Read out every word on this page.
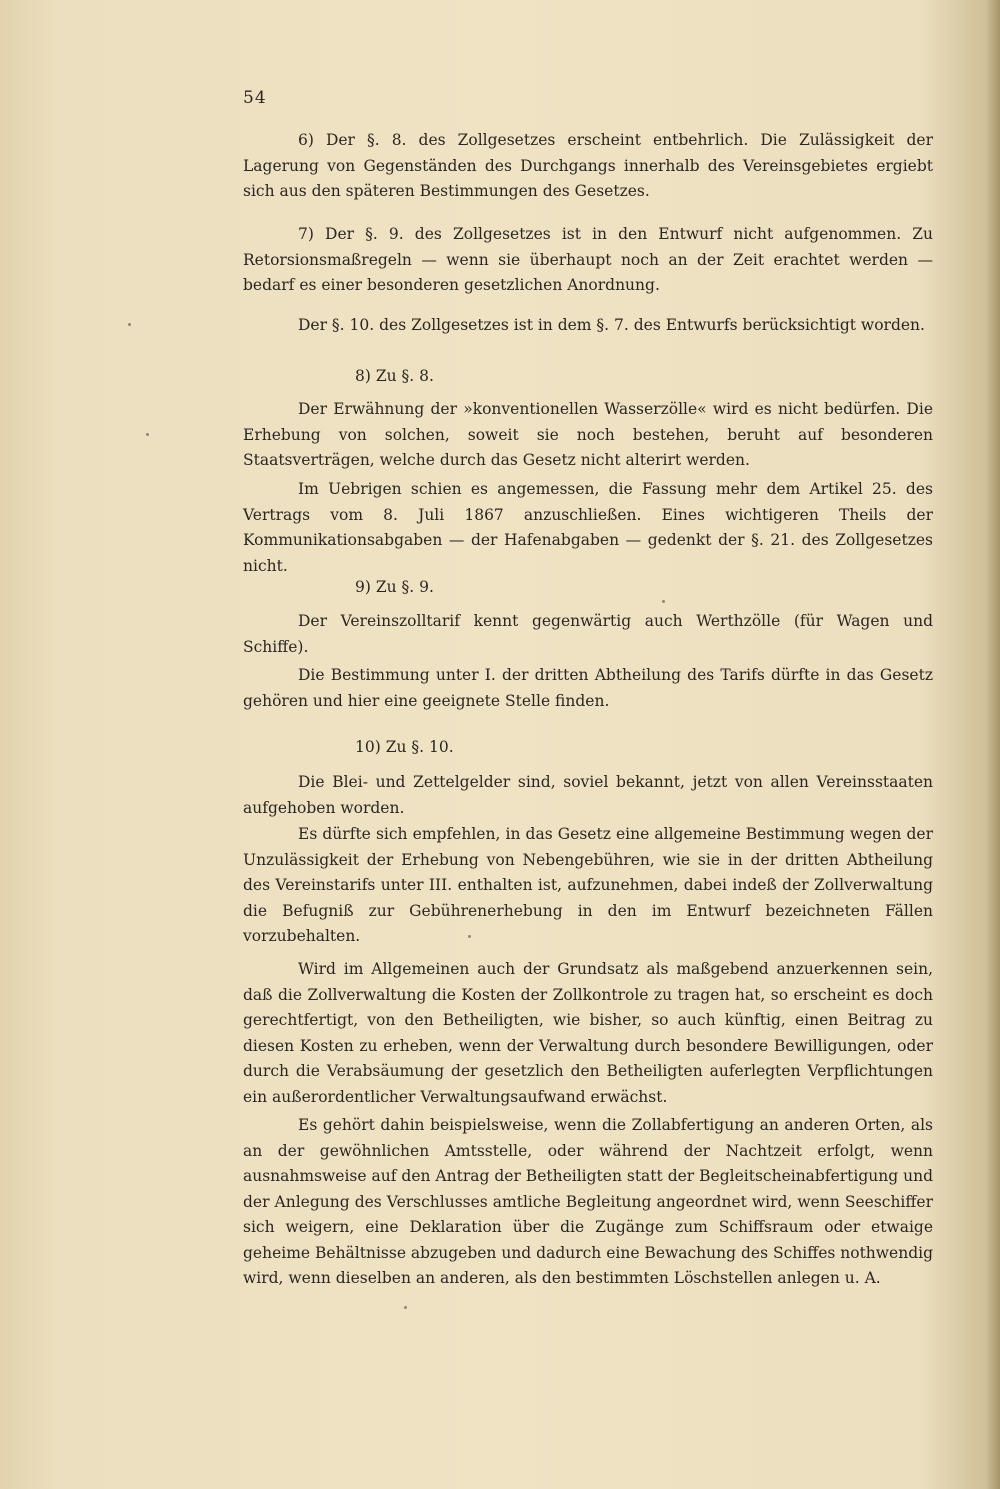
54
6) Der §. 8. des Zollgesetzes erscheint entbehrlich. Die Zulässigkeit der Lagerung von Gegenständen des Durchgangs innerhalb des Vereinsgebietes ergiebt sich aus den späteren Bestimmungen des Gesetzes.
7) Der §. 9. des Zollgesetzes ist in den Entwurf nicht aufgenommen. Zu Retorsionsmaßregeln — wenn sie überhaupt noch an der Zeit erachtet werden — bedarf es einer besonderen gesetzlichen Anordnung.
Der §. 10. des Zollgesetzes ist in dem §. 7. des Entwurfs berücksichtigt worden.
8) Zu §. 8.
Der Erwähnung der »konventionellen Wasserzölle« wird es nicht bedürfen. Die Erhebung von solchen, soweit sie noch bestehen, beruht auf besonderen Staatsverträgen, welche durch das Gesetz nicht alterirt werden.
Im Uebrigen schien es angemessen, die Fassung mehr dem Artikel 25. des Vertrags vom 8. Juli 1867 anzuschließen. Eines wichtigeren Theils der Kommunikationsabgaben — der Hafenabgaben — gedenkt der §. 21. des Zollgesetzes nicht.
9) Zu §. 9.
Der Vereinszolltarif kennt gegenwärtig auch Werthzölle (für Wagen und Schiffe).
Die Bestimmung unter I. der dritten Abtheilung des Tarifs dürfte in das Gesetz gehören und hier eine geeignete Stelle finden.
10) Zu §. 10.
Die Blei- und Zettelgelder sind, soviel bekannt, jetzt von allen Vereinsstaaten aufgehoben worden.
Es dürfte sich empfehlen, in das Gesetz eine allgemeine Bestimmung wegen der Unzulässigkeit der Erhebung von Nebengebühren, wie sie in der dritten Abtheilung des Vereinstarifs unter III. enthalten ist, aufzunehmen, dabei indeß der Zollverwaltung die Befugniß zur Gebührenerhebung in den im Entwurf bezeichneten Fällen vorzubehalten.
Wird im Allgemeinen auch der Grundsatz als maßgebend anzuerkennen sein, daß die Zollverwaltung die Kosten der Zollkontrole zu tragen hat, so erscheint es doch gerechtfertigt, von den Betheiligten, wie bisher, so auch künftig, einen Beitrag zu diesen Kosten zu erheben, wenn der Verwaltung durch besondere Bewilligungen, oder durch die Verabsäumung der gesetzlich den Betheiligten auferlegten Verpflichtungen ein außerordentlicher Verwaltungsaufwand erwächst.
Es gehört dahin beispielsweise, wenn die Zollabfertigung an anderen Orten, als an der gewöhnlichen Amtsstelle, oder während der Nachtzeit erfolgt, wenn ausnahmsweise auf den Antrag der Betheiligten statt der Begleitscheinabfertigung und der Anlegung des Verschlusses amtliche Begleitung angeordnet wird, wenn Seeschiffer sich weigern, eine Deklaration über die Zugänge zum Schiffsraum oder etwaige geheime Behältnisse abzugeben und dadurch eine Bewachung des Schiffes nothwendig wird, wenn dieselben an anderen, als den bestimmten Löschstellen anlegen u. A.
